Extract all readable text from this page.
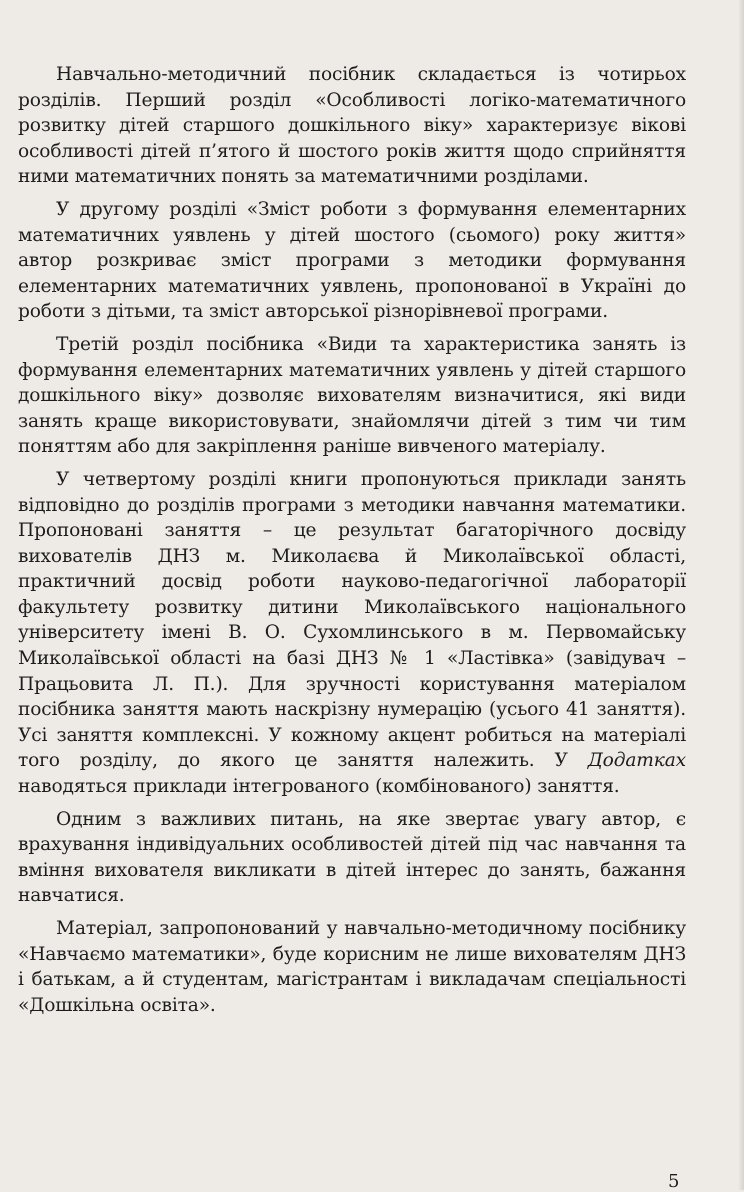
Навчально-методичний посібник складається із чотирьох розділів. Перший розділ «Особливості логіко-математичного розвитку дітей старшого дошкільного віку» характеризує вікові особливості дітей п’ятого й шостого років життя щодо сприйняття ними математичних понять за математичними розділами.

У другому розділі «Зміст роботи з формування елементарних математичних уявлень у дітей шостого (сьомого) року життя» автор розкриває зміст програми з методики формування елементарних математичних уявлень, пропонованої в Україні до роботи з дітьми, та зміст авторської різнорівневої програми.

Третій розділ посібника «Види та характеристика занять із формування елементарних математичних уявлень у дітей старшого дошкільного віку» дозволяє вихователям визначитися, які види занять краще використовувати, знайомлячи дітей з тим чи тим поняттям або для закріплення раніше вивченого матеріалу.

У четвертому розділі книги пропонуються приклади занять відповідно до розділів програми з методики навчання математики. Пропоновані заняття – це результат багаторічного досвіду вихователів ДНЗ м. Миколаєва й Миколаївської області, практичний досвід роботи науково-педагогічної лабораторії факультету розвитку дитини Миколаївського національного університету імені В. О. Сухомлинського в м. Первомайську Миколаївської області на базі ДНЗ № 1 «Ластівка» (завідувач – Працьовита Л. П.). Для зручності користування матеріалом посібника заняття мають наскрізну нумерацію (усього 41 заняття). Усі заняття комплексні. У кожному акцент робиться на матеріалі того розділу, до якого це заняття належить. У Додатках наводяться приклади інтегрованого (комбінованого) заняття.

Одним з важливих питань, на яке звертає увагу автор, є врахування індивідуальних особливостей дітей під час навчання та вміння вихователя викликати в дітей інтерес до занять, бажання навчатися.

Матеріал, запропонований у навчально-методичному посібнику «Навчаємо математики», буде корисним не лише вихователям ДНЗ і батькам, а й студентам, магістрантам і викладачам спеціальності «Дошкільна освіта».

5
